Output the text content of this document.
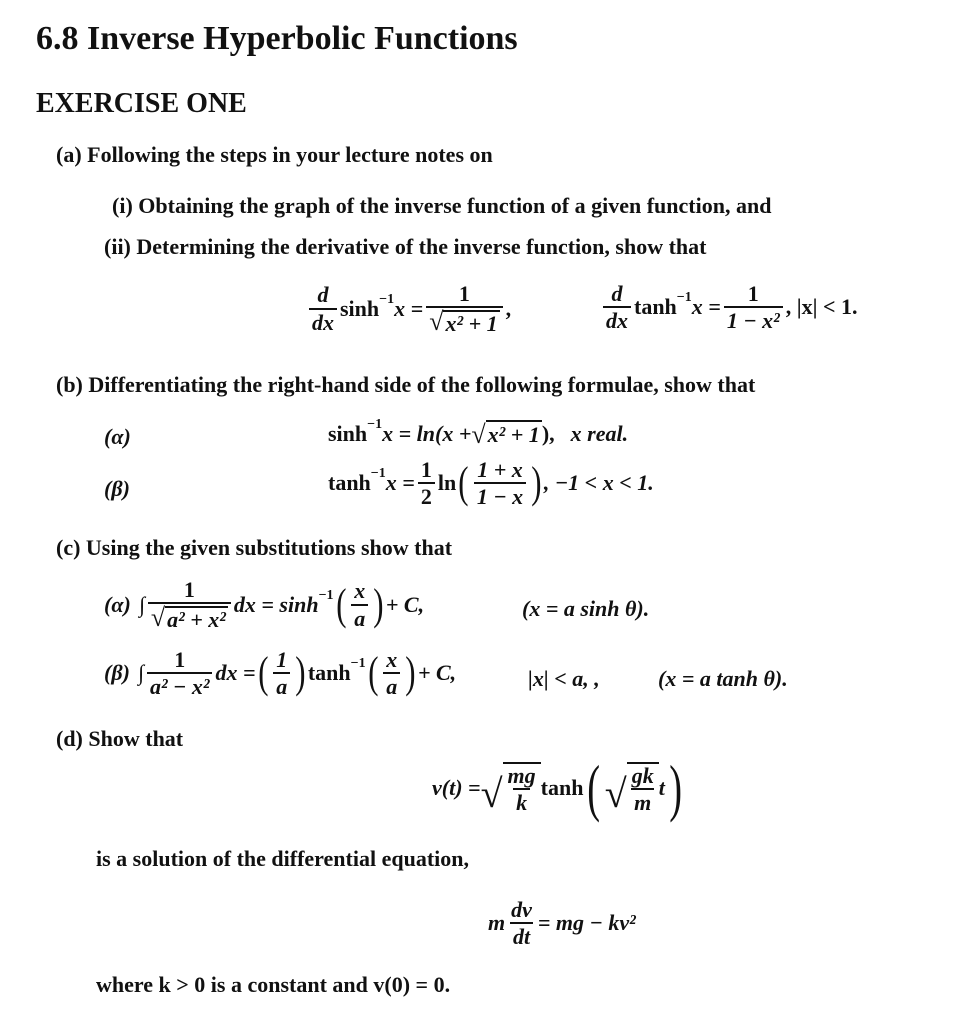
6.8 Inverse Hyperbolic Functions
EXERCISE ONE
(a) Following the steps in your lecture notes on
(i) Obtaining the graph of the inverse function of a given function, and
(ii) Determining the derivative of the inverse function, show that
$\frac{d}{dx}$ sinh −1 $x = \frac{1}{\text{√ x² + 1}}$ ,	$\frac{d}{dx}$ tanh −1 $x = \frac{1}{\text{1 − x²}}$ , |x| < 1.
(b) Differentiating the right-hand side of the following formulae, show that
(α)	sinh −1 x = ln(x + √ x² + 1 ), x real.
(β)	tanh −1 $x = \frac{1}{2}$ ln ( $\frac{1 + x}{1 - x}$ ) , −1 < x < 1.
(c) Using the given substitutions show that
(α) ∫ $\frac{1}{\text{√ a² + x²}}$ dx = sinh −1 ( $\frac{x}{a}$ ) + C,	(x = a sinh θ).
(β) ∫ $\frac{1}{\text{a² − x²}}$ dx = ( $\frac{1}{a}$ ) tanh −1 ( $\frac{x}{a}$ ) + C,	|x| < a, ,	(x = a tanh θ).
(d) Show that
v(t) = √ $\frac{mg}{k}$ tanh ( √ $\frac{gk}{m}$ t )
is a solution of the differential equation,
m $\frac{dv}{dt}$ = mg − kv²
where k > 0 is a constant and v(0) = 0.
